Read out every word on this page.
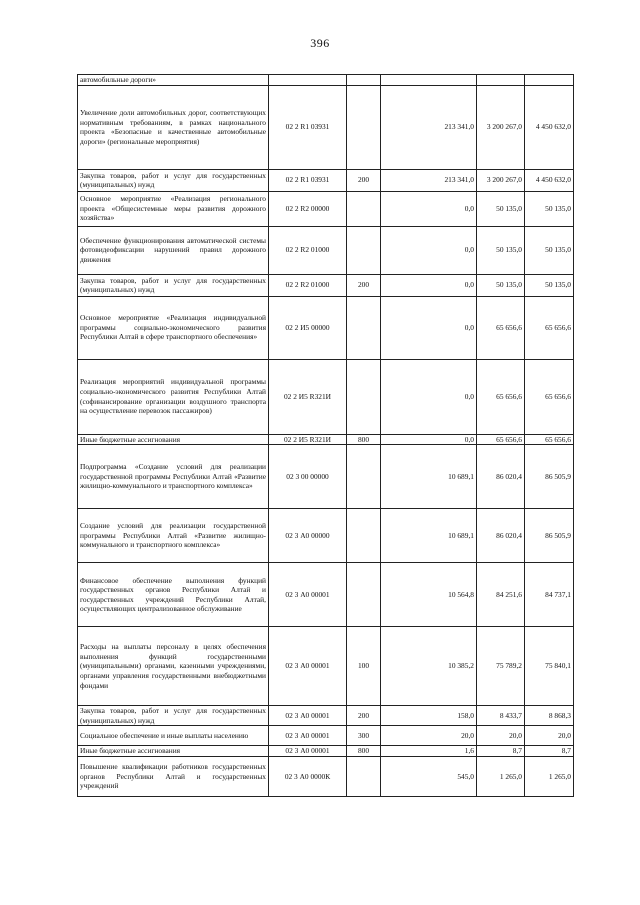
396
автомобильные дороги»					
Увеличение доли автомобильных дорог, соответствующих нормативным требованиям, в рамках национального проекта «Безопасные и качественные автомобильные дороги» (региональные мероприятия)	02 2 R1 03931		213 341,0	3 200 267,0	4 450 632,0
Закупка товаров, работ и услуг для государственных (муниципальных) нужд	02 2 R1 03931	200	213 341,0	3 200 267,0	4 450 632,0
Основное мероприятие «Реализация регионального проекта «Общесистемные меры развития дорожного хозяйства»	02 2 R2 00000		0,0	50 135,0	50 135,0
Обеспечение функционирования автоматической системы фотовидеофиксации нарушений правил дорожного движения	02 2 R2 01000		0,0	50 135,0	50 135,0
Закупка товаров, работ и услуг для государственных (муниципальных) нужд	02 2 R2 01000	200	0,0	50 135,0	50 135,0
Основное мероприятие «Реализация индивидуальной программы социально-экономического развития Республики Алтай в сфере транспортного обеспечения»	02 2 И5 00000		0,0	65 656,6	65 656,6
Реализация мероприятий индивидуальной программы социально-экономического развития Республики Алтай (софинансирование организации воздушного транспорта на осуществление перевозок пассажиров)	02 2 И5 R321И		0,0	65 656,6	65 656,6
Иные бюджетные ассигнования	02 2 И5 R321И	800	0,0	65 656,6	65 656,6
Подпрограмма «Создание условий для реализации государственной программы Республики Алтай «Развитие жилищно-коммунального и транспортного комплекса»	02 3 00 00000		10 689,1	86 020,4	86 505,9
Создание условий для реализации государственной программы Республики Алтай «Развитие жилищно-коммунального и транспортного комплекса»	02 3 А0 00000		10 689,1	86 020,4	86 505,9
Финансовое обеспечение выполнения функций государственных органов Республики Алтай и государственных учреждений Республики Алтай, осуществляющих централизованное обслуживание	02 3 А0 00001		10 564,8	84 251,6	84 737,1
Расходы на выплаты персоналу в целях обеспечения выполнения функций государственными (муниципальными) органами, казенными учреждениями, органами управления государственными внебюджетными фондами	02 3 А0 00001	100	10 385,2	75 789,2	75 840,1
Закупка товаров, работ и услуг для государственных (муниципальных) нужд	02 3 А0 00001	200	158,0	8 433,7	8 868,3
Социальное обеспечение и иные выплаты населению	02 3 А0 00001	300	20,0	20,0	20,0
Иные бюджетные ассигнования	02 3 А0 00001	800	1,6	8,7	8,7
Повышение квалификации работников государственных органов Республики Алтай и государственных учреждений	02 3 А0 0000К		545,0	1 265,0	1 265,0
